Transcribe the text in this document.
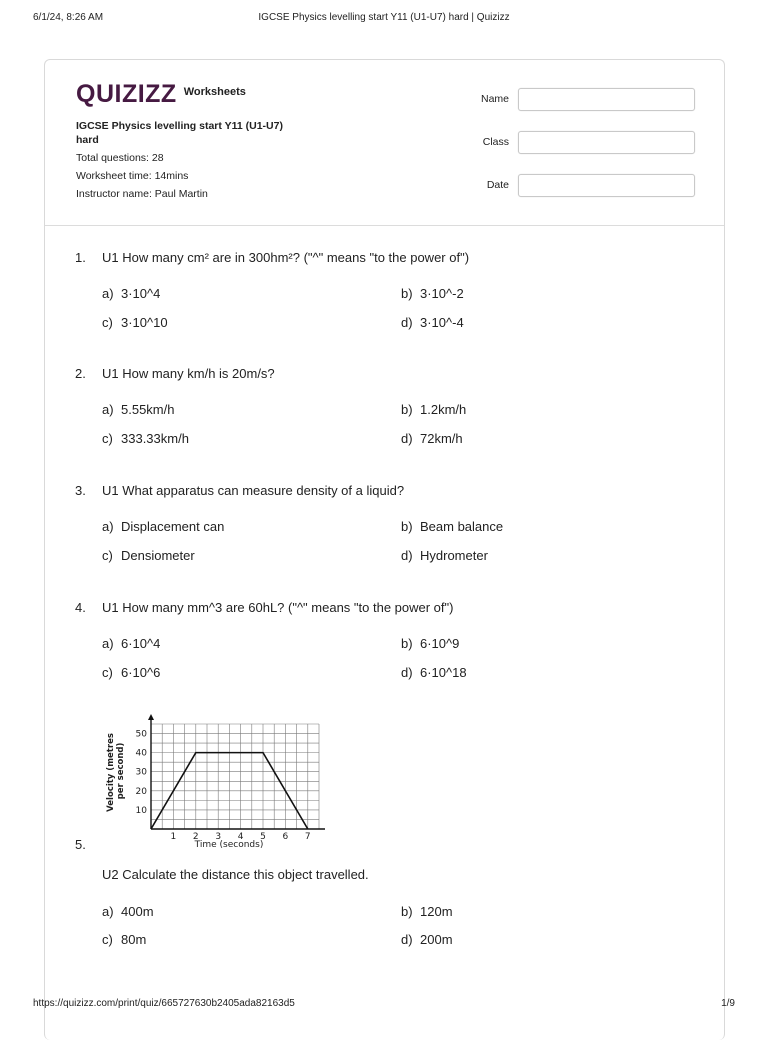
6/1/24, 8:26 AM	IGCSE Physics levelling start Y11 (U1-U7) hard | Quizizz
QUIZIZZ Worksheets
IGCSE Physics levelling start Y11 (U1-U7) hard
Total questions: 28
Worksheet time: 14mins
Instructor name: Paul Martin
Name
Class
Date
1. U1 How many cm² are in 300hm²? ("^" means "to the power of")
a) 3·10^4	b) 3·10^-2
c) 3·10^10	d) 3·10^-4
2. U1 How many km/h is 20m/s?
a) 5.55km/h	b) 1.2km/h
c) 333.33km/h	d) 72km/h
3. U1 What apparatus can measure density of a liquid?
a) Displacement can	b) Beam balance
c) Densiometer	d) Hydrometer
4. U1 How many mm^3 are 60hL? ("^" means "to the power of")
a) 6·10^4	b) 6·10^9
c) 6·10^6	d) 6·10^18
1 2 3 4 5 6 7
10
20
30
40
50
Time (seconds)
Velocity (metres per second)
5.
U2 Calculate the distance this object travelled.
a) 400m	b) 120m
c) 80m	d) 200m
https://quizizz.com/print/quiz/665727630b2405ada82163d5	1/9
